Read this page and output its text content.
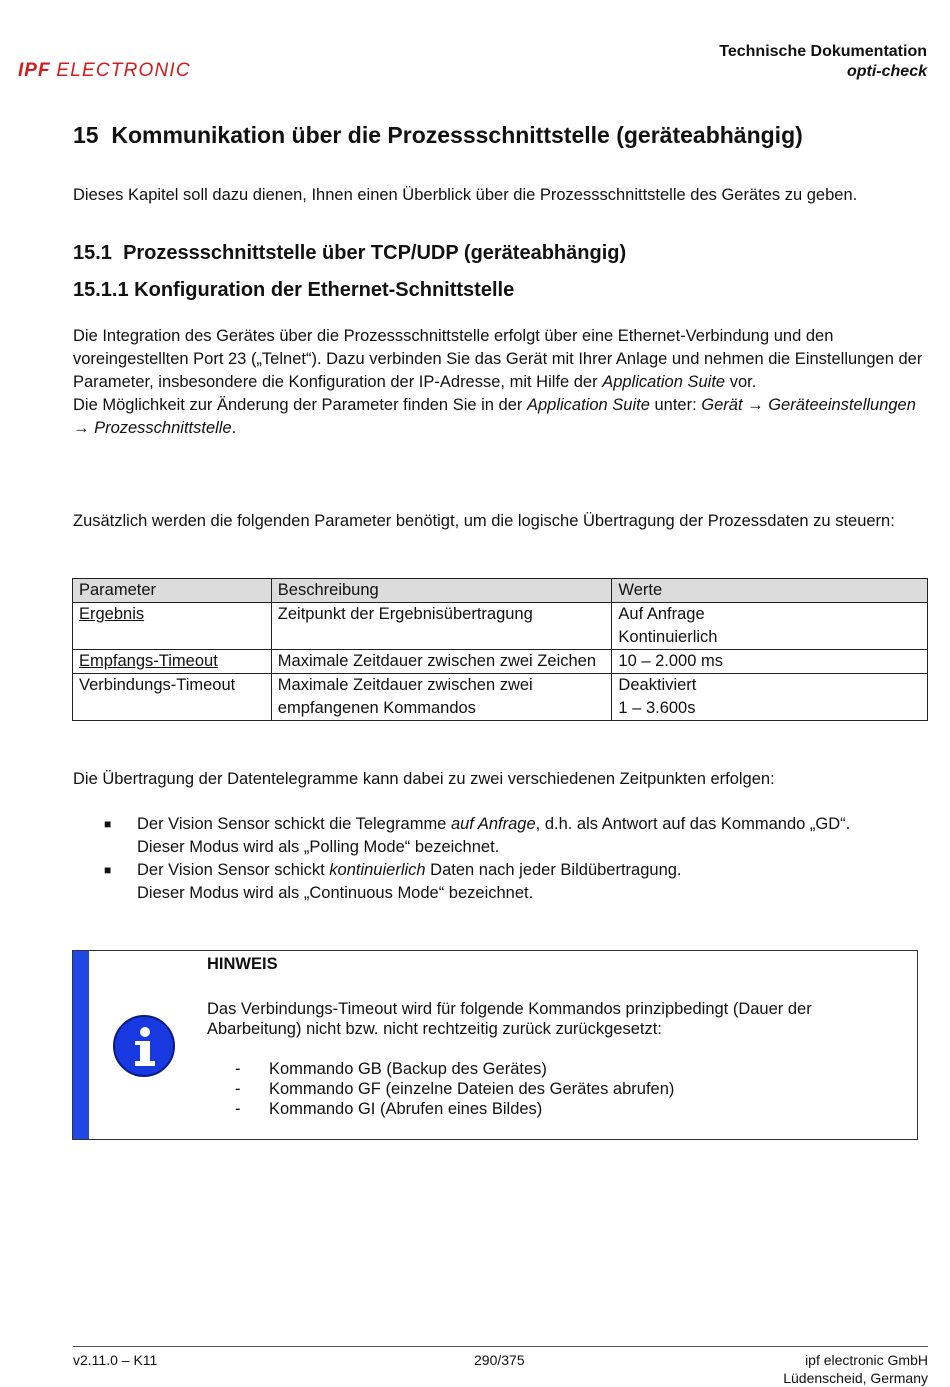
IPF ELECTRONIC
Technische Dokumentation
opti-check
15 Kommunikation über die Prozessschnittstelle (geräteabhängig)
Dieses Kapitel soll dazu dienen, Ihnen einen Überblick über die Prozessschnittstelle des Gerätes zu geben.
15.1 Prozessschnittstelle über TCP/UDP (geräteabhängig)
15.1.1 Konfiguration der Ethernet-Schnittstelle
Die Integration des Gerätes über die Prozessschnittstelle erfolgt über eine Ethernet-Verbindung und den voreingestellten Port 23 („Telnet“). Dazu verbinden Sie das Gerät mit Ihrer Anlage und nehmen die Einstellungen der Parameter, insbesondere die Konfiguration der IP-Adresse, mit Hilfe der Application Suite vor.
Die Möglichkeit zur Änderung der Parameter finden Sie in der Application Suite unter: Gerät → Geräteeinstellungen → Prozesschnittstelle.
Zusätzlich werden die folgenden Parameter benötigt, um die logische Übertragung der Prozessdaten zu steuern:
Parameter	Beschreibung	Werte
Ergebnis	Zeitpunkt der Ergebnisübertragung	Auf Anfrage
Kontinuierlich

Empfangs-Timeout	Maximale Zeitdauer zwischen zwei Zeichen	10 – 2.000 ms

Verbindungs-Timeout	Maximale Zeitdauer zwischen zwei empfangenen Kommandos	Deaktiviert
1 – 3.600s
Die Übertragung der Datentelegramme kann dabei zu zwei verschiedenen Zeitpunkten erfolgen:
■ Der Vision Sensor schickt die Telegramme auf Anfrage, d.h. als Antwort auf das Kommando „GD“.
Dieser Modus wird als „Polling Mode“ bezeichnet.
■ Der Vision Sensor schickt kontinuierlich Daten nach jeder Bildübertragung.
Dieser Modus wird als „Continuous Mode“ bezeichnet.
HINWEIS
Das Verbindungs-Timeout wird für folgende Kommandos prinzipbedingt (Dauer der Abarbeitung) nicht bzw. nicht rechtzeitig zurück zurückgesetzt:
- Kommando GB (Backup des Gerätes)
- Kommando GF (einzelne Dateien des Gerätes abrufen)
- Kommando GI (Abrufen eines Bildes)
v2.11.0 – K11	290/375	ipf electronic GmbH
Lüdenscheid, Germany
